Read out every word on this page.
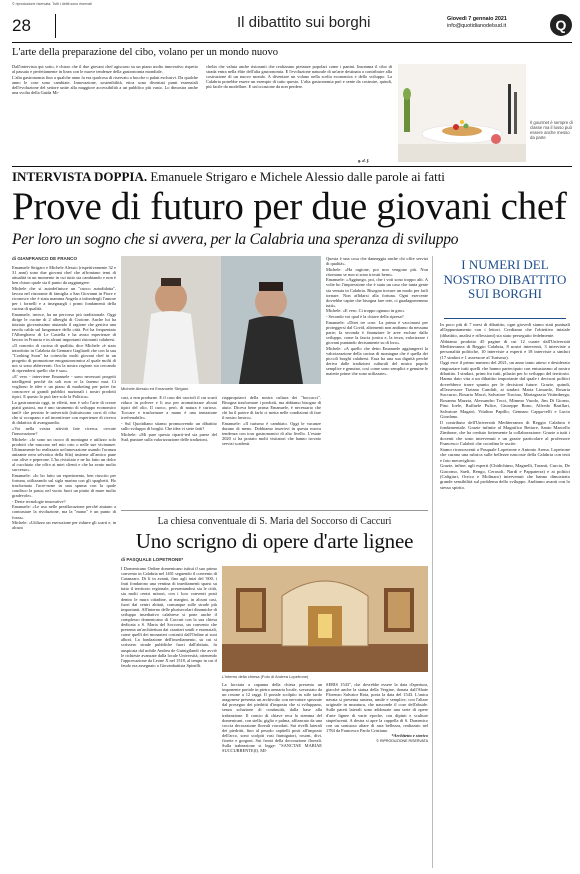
© riproduzione riservata. Tutti i diritti sono riservati
28	Il dibattito sui borghi	Giovedì 7 gennaio 2021
info@quotidianodelsud.it	Q
L'arte della preparazione del cibo, volano per un mondo nuovo

Dall'intervista qui sotto, è chiaro che il due giovani chef agiscono su un piano molto innovativo rispetto al passato e perfettamente in linea con le nuove tendenze della gastronomia mondiale.

L'alta gastronomia fino a qualche anno fa era qualcosa di riservato a bocche o palati esclusivi. Da qualche anno le cose sono cambiate. Innovazione, sostenibilità, etica sono diventati punti essenziali dell'evoluzione del settore unite alla maggiore accessibilità a un pubblico più vasto. Lo dimostra anche una svolta della Guida Mi-

chelin che valuta anche ristoranti che realizzano pietanze popolari come i panini. Insomma il cibo di strada entra nella élite dell'alta gastronomia. E l'evoluzione naturale di un'arte destinata a contribuire alla costruzione di un nuovo mondo. A diventare un volano nella scelta economica e dello sviluppo. La Calabria potrebbe essere un esempio di tutto questo. L'alta gastronomia può e sente da costruire, quindi, più facile da modellare. E un'occasione da non perdere.

g. d. f.
Il gourmet è sempre di classe ma il lusso può essere anche messo da parte
INTERVISTA DOPPIA. Emanuele Strigaro e Michele Alessio dalle parole ai fatti
Prove di futuro per due giovani chef
Per loro un sogno che si avvera, per la Calabria una speranza di sviluppo
di GIANFRANCO DE FRANCO

Emanuele Strigaro e Michele Alessio (rispettivamente 32 e 31 anni) sono due giovani chef che affrontano temi di attualità in un momento in cui tutto sta cambiando e non è ben chiaro quale sia il punto da raggiungere.

Michele che si autodefinisce un "cuoco autodidatta", lavora nel ristorante di famiglia a San Giovanni in Fiore e riconosce che è stata mamma Angela a infondergli l'amore per i fornelli e a insegnargli i primi fondamenti della cucina di qualità.

Emanuele, invece, ha un percorso più tradizionale. Oggi dirige le cucine di 2 alberghi di Crotone. Anche lui ha iniziato giovanissimo aiutando il ragione che gestiva una tavola calda sul lungomare della città. Poi ha frequentato l'Alberghiero di Le Castella e ha avuto esperienze di lavoro in Francia e in alcuni importanti ristoranti calabresi.

«Il concetto di cucina di qualità» dice Michele «è stato introdotto in Calabria da Gennaro Gagliardi che con la sua "Cooking Soon" ha coinvolto molti giovani chef in un progetto di promozione enogastronomica al quale molti di noi si sono abbeverati. Ora la nostra regione sta cercando di riprendersi quello che è suo».

«E' vero - interviene Emanuele - sono necessari progetti intelligenti perché da soli non ce la faremo mai. Ci vogliono le idee e un piano di marketing per poter far conoscere ai grandi pubblici nazionali i nostri prodotti tipici. E questo lo può fare solo la Politica».

La gastronomia oggi, in effetti, non è solo l'arte di creare piatti gustosi, ma è uno strumento di sviluppo economico tant'è che persino le università (istituiscono corsi di cibo che si occupano e ad incentivare con esperienze di ricerca di didattica di avanguardia.

«Voi nella vostra attività fate ricerca, cercate l'innovazione?

Michele: «Io sono un cuoco di montagna e utilizzo solo prodotti che nascono nel mio orto o nelle sue vicinanze. Ultimamente ho realizzato un'innovazione usando l'acanzu anizante nera selvatica della Sila) insieme all'antico pane con olive e peperone. L'ho rivisitato e ne ho fatto un dolce al cucchiaio che offro ai miei clienti e che ha avuto molto successo».

Emanuele: «Io ho fatto un esperimento, ben riuscito per fortuna, utilizzando sul sigla marina con gli spaghetti. Ho trasformato l'acre-none in una spuma con la quale condisco la pasta; nel vuoto fuori un piatto di mare molto gradevole».

- Deste tecnologie innovative?

Emanuele: «Le uso nelle preallocazione perché aiutano a contrastare la rivoluzione, ma la "mano" è un punto di forza».

Michele: «Utilizzo un esecuzione per ridurre gli scarti e, in alcuni

Michele Alessio ed Emanuele Strigaro

casi, a non produrne. E il caso dei carciofi il cui scarti riduco in polvere e li uso per aromatizzare alcuni tipici del olio. Il cuoco, però, di natura è curioso. Toccare e trasformare a mano è una tentazione irrefrenabile».

- Sul Quotidiano stiamo promuovendo un dibattito sullo sviluppo di borghi. Che idea vi siete fatti?

Michele: «Mi pare questo riparti-ted sia paese del Sud, puntare sulla valorizzazione delle tradizioni,

riappropriarci della nostra cultura dei "boccacci". Bisogna trasformare i prodotti, ma abbiamo bisogno di aiuto. Diceva bene prima Emanuele, è necessario che chi ha il potere di farlo ci metta nelle condizioni di fare il nostro lavoro».

Emanuele: «Il turismo è cambiato. Oggi le vacanze durano di meno. Dobbiamo inserirvi in questa nuova tendenza con tour gastronomici di alto livello. L'estate 2020 ci ha portato molti visitatori che hanno trovato servizi scadenti.

Questa è una cosa che danneggia anche chi offre servizi di qualità».

Michele: «Ha ragione, poi non vengono più. Non ritornano se non si sono trovati bene».

Emanuele: «Aggiungo, poi, che i voti sono troppo alti. A volte ho l'impressione che è stato un caso che tanta gente sia venuta in Calabria. Bisogna trovare un modo per farli tornare. Non affidarsi alla fortuna. Ogni esercente dovrebbe capire che bisogna fare rete, ci guadagneremmo tutti».

Michele: «E vero. Ci troppo ognuno in giro»

- Secondo voi qual è la chiave della ripresa?

Emanuele: «Direi tre cose. La prima è vaccinarsi per proteggersi dal Covid, altrimenti non andiamo da nessuna parte; la seconda è finanziare le aree escluse dallo sviluppo, come la fascia jonica e, la terza, valorizzare i giovani puntando decisamente su di loro».

Michele: «A quello che detto Emanuele aggiungerei la valorizzazione della cucina di montagna che è quella dei piccoli borghi calabresi. Essa ha una sua dignità perché deriva dalle tradizioni culturali del nostro popolo semplice e genuino, così come sono semplici e genuine le materie prime che sono utilizzate».

I NUMERI DEL NOSTRO DIBATTITO SUI BORGHI

In poco più di 7 mesi di dibattito, ogni giovedì siamo stati puntuali all'appuntamento con i lettori. Crediamo che l'obiettivo iniziale (dibattito, analisi e riflessioni) sia stato perseguito fedelmente.

Abbiamo prodotto 45 pagine di cui 12 curate dall'Università Mediterranea di Reggio Calabria, 8 nostri interventi, 3 interviste a personalità politiche, 10 interviste a esperti e 18 interviste a sindaci (17 sindaci e 1 assessore al Turismo).

Oggi esce il primo numero del 2021, un anno tanto atteso e desiderato ringraziare tutti quelli che hanno partecipato con entusiasmo al nostro dibattito. I sindaci, primi fra tutti, pilastri per lo sviluppo del territorio. Hanno dato vita a un dibattito importante dal quale i decisori politici dovrebbero trarre spunto per le decisioni future. Grazie, quindi, all'assessore Tiziano Candidi, ai sindaci Maria Limardo, Rosaria Succurro, Rosario Macrì, Salvatore Trocino, Mariagrazia Vittimberga, Rosanna Mazzia, Alessandro Tocci, Mimmo Vuodo, Jim Di Giorno, Pino Ioele, Raffaele Pulice, Giuseppe Bono, Alfredo Barillari, Salvatore Magarò, Vitalino Papillo, Gennaro Cappa-relli e Lucio Giordano.

Il contributo dell'Università Mediterranea di Reggio Calabria è fondamentale. Grazie infinite al Magnifico Rettore, Santo Marcello Zimbone, che ha creduto fortemente la collaborazione. Grazie a tutti i docenti che sono intervenuti e un grazie particolare al professore Francesco Calabrò che coordina le uscite.

Siamo riconoscenti a Pasquale Lopetrone e Antonio Arena. Lopetrone che curano una rubrica sulle bellezze nascoste della Calabria con testi e foto meravigliosi.

Grazie, infine, agli esperti (Chidichimo, Magnelli, Taranti, Curcio, De Giacomo, Saeli, Rengo, Cerasoli, Nardi e Pappaterra) e ai politici (Caligiuri, Orrico e Molinaro) intervenuti che hanno dimostrato grande sensibilità sul problema dello sviluppo. Andiamo avanti con lo stesso spirito.

La chiesa conventuale di S. Maria del Soccorso di Caccuri
Uno scrigno di opere d'arte lignee
di PASQUALE LOPETRONE*

I Domenicano Ordine domenicano istituì il suo primo convento in Calabria nel 1401 seguendo il convento di Catanzaro. Di lì in avanti, fino agli inizi del '600, i frati fondarono una ventina di insediamenti sparsi su tutto il territorio regionale, presentandosi sia le città, sia molti centri minori, con i loro conventi posti dentro le mura cittadine, ai margini, in alcuni casi, fuori dai centri abitati, comunque sulle strade più importanti. All'interno delle plurisecolari dinamiche di sviluppo insediativo calabrese si pone anche il complesso domenicano di Caccuri con la sua chiesa dedicata a S. Maria del Soccorso, un convento che presenta un'architettura dai caratteri umili e essenziali, come quelli dei monasteri costruiti dall'Ordine ai suoi albori. La fondazione dell'insediamento, su cui si scrissero strade pubbliche fuori dall'abitato, fu auspicata dal nobile Andrea de Guinigilandi che avviò le richieste avanzate dalla locale Università, ottenendo l'approvazione da Leone X nel 1518, al tempo in cui il feudo era assegnato a Giovanbattista Spinelli.

L'interno della chiesa (Foto di Andrea Lopetrone)

La facciata a capanna della chiesa presenta un imponente portale in pietra arenaria locale, sovrastato da un rosone a 12 raggi. Il portale scolpito in stile tardo aragonese presenta un archivolto con nervature spezzate dal proseguo dei piedritti d'impostu che si sviluppano, senza soluzione di continuità, dalla base alla trabeazione. Il concio di chiave reca lo stemma del domenicani, con stella, giglio e palma, affiancato da una coccia decorazione floreali corrodati. Sui rivelli laterali dei piedritti, fino al pesodo capitelli posti all'imposto dell'arco, sono scolpiti vasi fiumigatori, rosoni, divi, fiorete e gorgoni. Sui fronti della decorazione floreali. Sulla trabeazione si legge: "SANCTAE MARIAE SUCCURRENTE(I). MI-

SERIS 1543", che dovrebbe essere la data d'apertura, giacché anche la statua della Vergine, donata dall'Abate Florenzo Salvator Rota, porta la data del 1543. L'unica navata si presenta austera, umile e semplice, con l'altare originale in muratura, che nasconde il coro dell'abside. Sulle pareti laterali sono addossate una serie di opere d'arte lignee di varie epoche, con dipinti e sculture stupefacenti. A destra si apre la cappella di S. Domenico con un sontuoso altare di rara bellezza, realizzato nel 1784 da Francesco Paolo Cristiano.

*Architetto e storico

© RIPRODUZIONE RISERVATA
